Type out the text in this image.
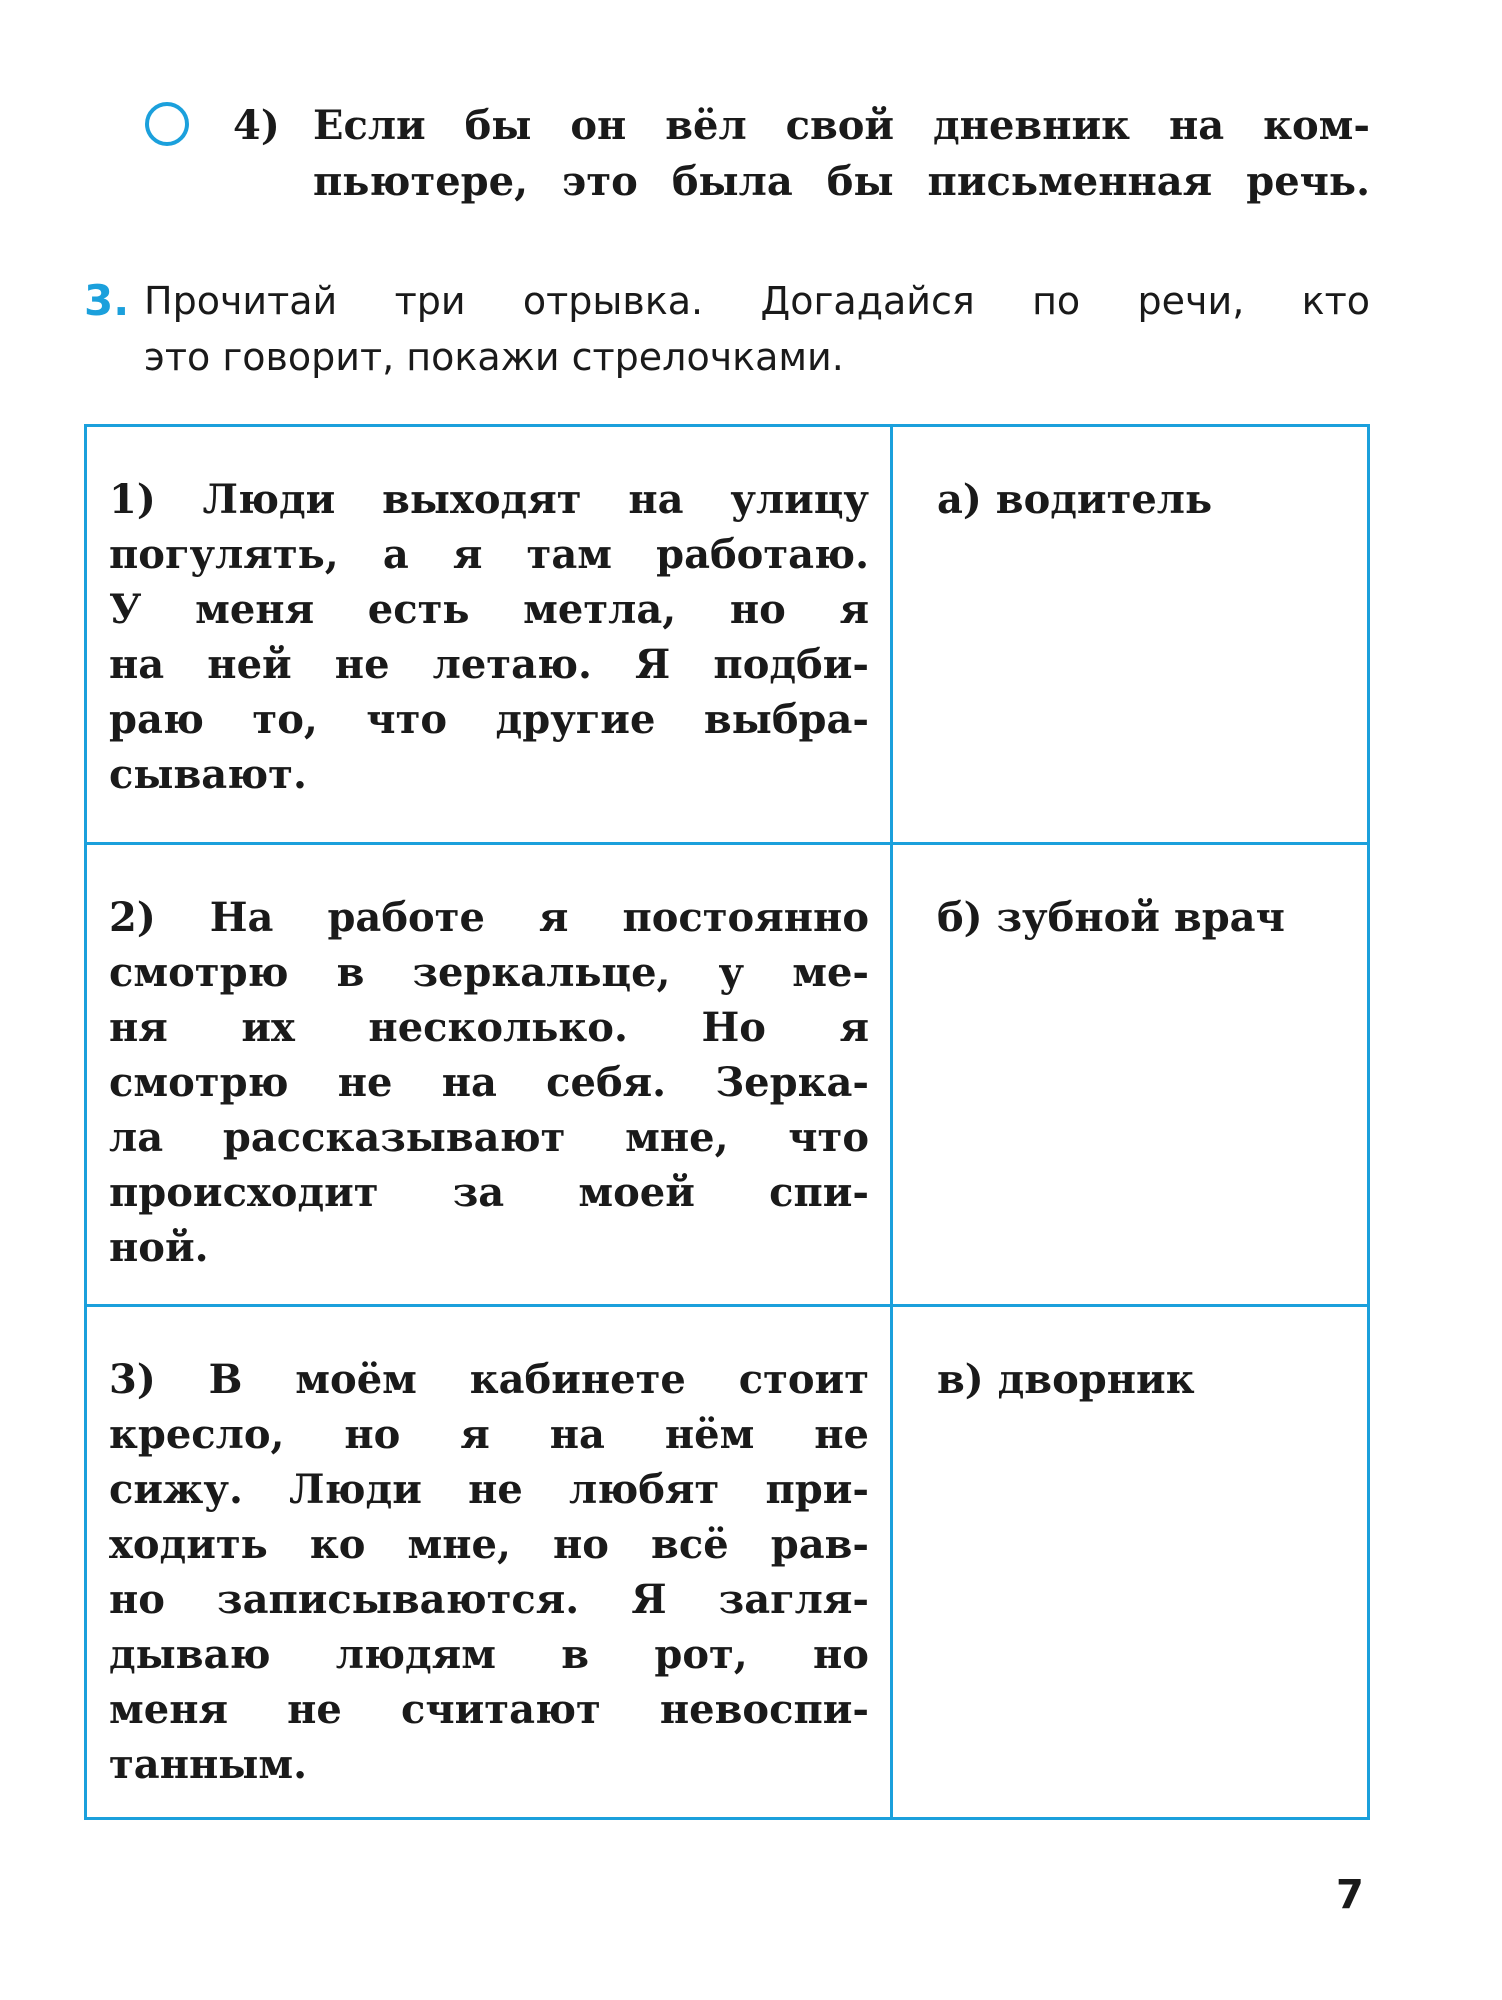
4) Если бы он вёл свой дневник на ком-
пьютере, это была бы письменная речь.
3. Прочитай три отрывка. Догадайся по речи, кто
это говорит, покажи стрелочками.
1) Люди выходят на улицу
погулять, а я там работаю.
У меня есть метла, но я
на ней не летаю. Я подби-
раю то, что другие выбра-
сывают.
а) водитель
2) На работе я постоянно
смотрю в зеркальце, у ме-
ня их несколько. Но я
смотрю не на себя. Зерка-
ла рассказывают мне, что
происходит за моей спи-
ной.
б) зубной врач
3) В моём кабинете стоит
кресло, но я на нём не
сижу. Люди не любят при-
ходить ко мне, но всё рав-
но записываются. Я загля-
дываю людям в рот, но
меня не считают невоспи-
танным.
в) дворник
7
